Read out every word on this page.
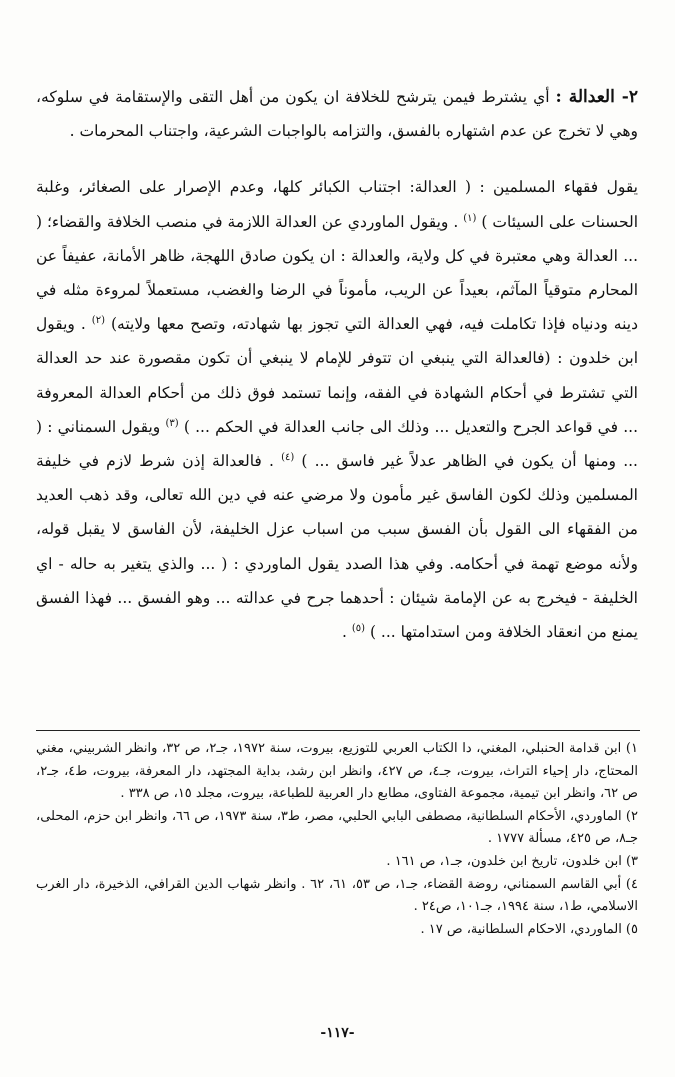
٢- العدالة : أي يشترط فيمن يترشح للخلافة ان يكون من أهل التقى والإستقامة في سلوكه، وهي لا تخرج عن عدم اشتهاره بالفسق، والتزامه بالواجبات الشرعية، واجتناب المحرمات .

يقول فقهاء المسلمين : ( العدالة: اجتناب الكبائر كلها، وعدم الإصرار على الصغائر، وغلبة الحسنات على السيئات ) $^{(١)}$ . ويقول الماوردي عن العدالة اللازمة في منصب الخلافة والقضاء؛ ( ... العدالة وهي معتبرة في كل ولاية، والعدالة : ان يكون صادق اللهجة، ظاهر الأمانة، عفيفاً عن المحارم متوقياً المآثم، بعيداً عن الريب، مأموناً في الرضا والغضب، مستعملاً لمروءة مثله في دينه ودنياه فإذا تكاملت فيه، فهي العدالة التي تجوز بها شهادته، وتصح معها ولايته) $^{(٢)}$ . ويقول ابن خلدون : (فالعدالة التي ينبغي ان تتوفر للإمام لا ينبغي أن تكون مقصورة عند حد العدالة التي تشترط في أحكام الشهادة في الفقه، وإنما تستمد فوق ذلك من أحكام العدالة المعروفة ... في قواعد الجرح والتعديل ... وذلك الى جانب العدالة في الحكم ... ) $^{(٣)}$ ويقول السمناني : ( ... ومنها أن يكون في الظاهر عدلاً غير فاسق ... ) $^{(٤)}$ . فالعدالة إذن شرط لازم في خليفة المسلمين وذلك لكون الفاسق غير مأمون ولا مرضي عنه في دين الله تعالى، وقد ذهب العديد من الفقهاء الى القول بأن الفسق سبب من اسباب عزل الخليفة، لأن الفاسق لا يقبل قوله، ولأنه موضع تهمة في أحكامه. وفي هذا الصدد يقول الماوردي : ( ... والذي يتغير به حاله - اي الخليفة - فيخرج به عن الإمامة شيئان : أحدهما جرح في عدالته ... وهو الفسق ... فهذا الفسق يمنع من انعقاد الخلافة ومن استدامتها ... ) $^{(٥)}$ .

١) ابن قدامة الحنبلي، المغني، دا الكتاب العربي للتوزيع، بيروت، سنة ١٩٧٢، جـ٢، ص ٣٢، وانظر الشربيني، مغني المحتاج، دار إحياء التراث، بيروت، جـ٤، ص ٤٢٧، وانظر ابن رشد، بداية المجتهد، دار المعرفة، بيروت، ط٤، جـ٢، ص ٦٢، وانظر ابن تيمية، مجموعة الفتاوى، مطابع دار العربية للطباعة، بيروت، مجلد ١٥، ص ٣٣٨ .

٢) الماوردي، الأحكام السلطانية، مصطفى البابي الحلبي، مصر، ط٣، سنة ١٩٧٣، ص ٦٦، وانظر ابن حزم، المحلى، جـ٨، ص ٤٢٥، مسألة ١٧٧٧ .

٣) ابن خلدون، تاريخ ابن خلدون، جـ١، ص ١٦١ .

٤) أبي القاسم السمناني، روضة القضاء، جـ١، ص ٥٣، ٦١، ٦٢ . وانظر شهاب الدين القرافي، الذخيرة، دار الغرب الاسلامي، ط١، سنة ١٩٩٤، جـ١٠١، ص٢٤ .

٥) الماوردي، الاحكام السلطانية، ص ١٧ .

-١١٧-
